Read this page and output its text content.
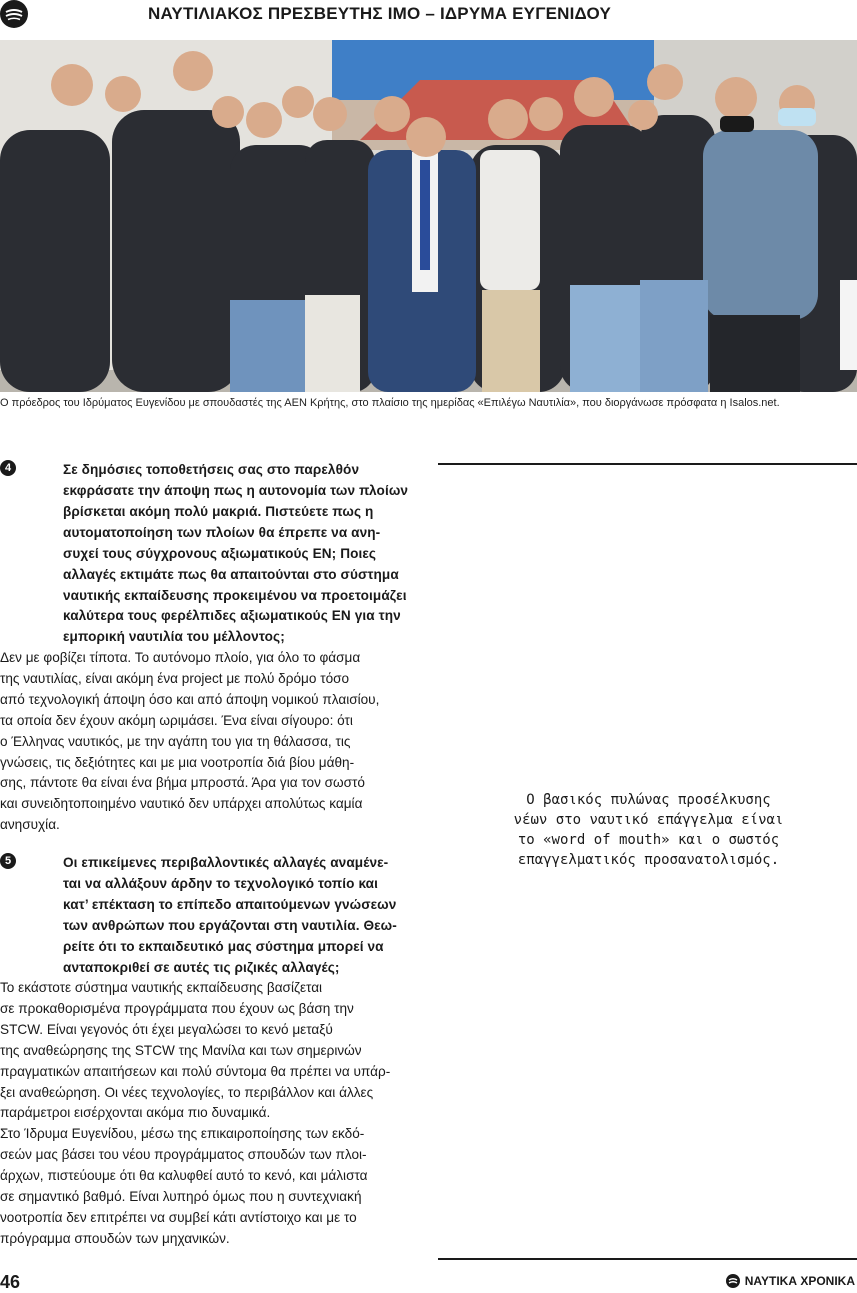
ΝΑΥΤΙΛΙΑΚΟΣ ΠΡΕΣΒΕΥΤΗΣ IMO – ΙΔΡΥΜΑ ΕΥΓΕΝΙΔΟΥ
Ο πρόεδρος του Ιδρύματος Ευγενίδου με σπουδαστές της ΑΕΝ Κρήτης, στο πλαίσιο της ημερίδας «Επιλέγω Ναυτιλία», που διοργάνωσε πρόσφατα η Isalos.net.
4	Σε δημόσιες τοποθετήσεις σας στο παρελθόν
εκφράσατε την άποψη πως η αυτονομία των πλοίων
βρίσκεται ακόμη πολύ μακριά. Πιστεύετε πως η
αυτοματοποίηση των πλοίων θα έπρεπε να ανη-
συχεί τους σύγχρονους αξιωματικούς ΕΝ; Ποιες
αλλαγές εκτιμάτε πως θα απαιτούνται στο σύστημα
ναυτικής εκπαίδευσης προκειμένου να προετοιμάζει
καλύτερα τους φερέλπιδες αξιωματικούς ΕΝ για την
εμπορική ναυτιλία του μέλλοντος;
Δεν με φοβίζει τίποτα. Το αυτόνομο πλοίο, για όλο το φάσμα
της ναυτιλίας, είναι ακόμη ένα project με πολύ δρόμο τόσο
από τεχνολογική άποψη όσο και από άποψη νομικού πλαισίου,
τα οποία δεν έχουν ακόμη ωριμάσει. Ένα είναι σίγουρο: ότι
ο Έλληνας ναυτικός, με την αγάπη του για τη θάλασσα, τις
γνώσεις, τις δεξιότητες και με μια νοοτροπία διά βίου μάθη-
σης, πάντοτε θα είναι ένα βήμα μπροστά. Άρα για τον σωστό
και συνειδητοποιημένο ναυτικό δεν υπάρχει απολύτως καμία
ανησυχία.
5	Οι επικείμενες περιβαλλοντικές αλλαγές αναμένε-
ται να αλλάξουν άρδην το τεχνολογικό τοπίο και
κατ’ επέκταση το επίπεδο απαιτούμενων γνώσεων
των ανθρώπων που εργάζονται στη ναυτιλία. Θεω-
ρείτε ότι το εκπαιδευτικό μας σύστημα μπορεί να
ανταποκριθεί σε αυτές τις ριζικές αλλαγές;
Το εκάστοτε σύστημα ναυτικής εκπαίδευσης βασίζεται
σε προκαθορισμένα προγράμματα που έχουν ως βάση την
STCW. Είναι γεγονός ότι έχει μεγαλώσει το κενό μεταξύ
της αναθεώρησης της STCW της Μανίλα και των σημερινών
πραγματικών απαιτήσεων και πολύ σύντομα θα πρέπει να υπάρ-
ξει αναθεώρηση. Οι νέες τεχνολογίες, το περιβάλλον και άλλες
παράμετροι εισέρχονται ακόμα πιο δυναμικά.
Στο Ίδρυμα Ευγενίδου, μέσω της επικαιροποίησης των εκδό-
σεών μας βάσει του νέου προγράμματος σπουδών των πλοι-
άρχων, πιστεύουμε ότι θα καλυφθεί αυτό το κενό, και μάλιστα
σε σημαντικό βαθμό. Είναι λυπηρό όμως που η συντεχνιακή
νοοτροπία δεν επιτρέπει να συμβεί κάτι αντίστοιχο και με το
πρόγραμμα σπουδών των μηχανικών.
Ο βασικός πυλώνας προσέλκυσης
νέων στο ναυτικό επάγγελμα είναι
το «word of mouth» και ο σωστός
επαγγελματικός προσανατολισμός.
46	ΝΑΥΤΙΚΑ ΧΡΟΝΙΚΑ
